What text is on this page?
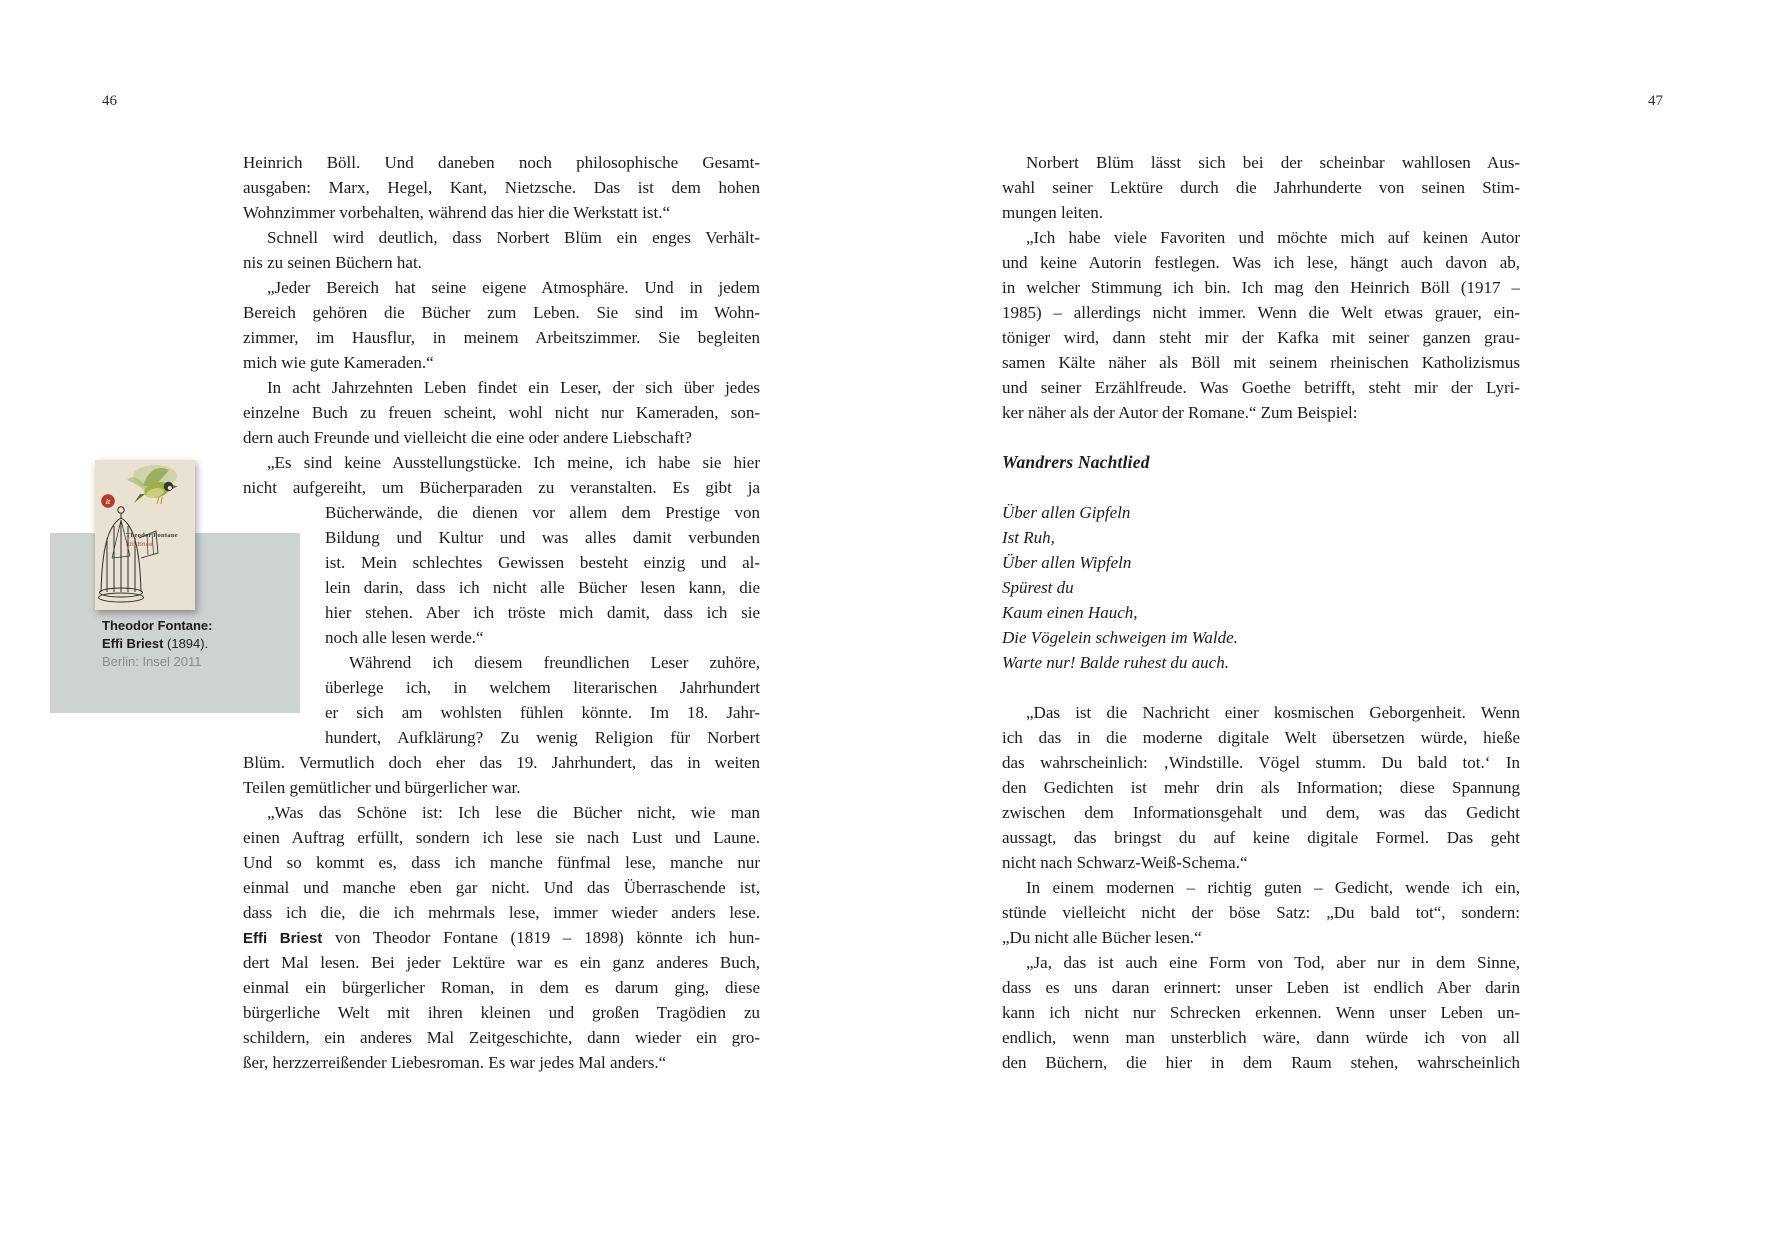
46
Heinrich Böll. Und daneben noch philosophische Gesamt-
ausgaben: Marx, Hegel, Kant, Nietzsche. Das ist dem hohen
Wohnzimmer vorbehalten, während das hier die Werkstatt ist.“
Schnell wird deutlich, dass Norbert Blüm ein enges Verhält-
nis zu seinen Büchern hat.
„Jeder Bereich hat seine eigene Atmosphäre. Und in jedem
Bereich gehören die Bücher zum Leben. Sie sind im Wohn-
zimmer, im Hausflur, in meinem Arbeitszimmer. Sie begleiten
mich wie gute Kameraden.“
In acht Jahrzehnten Leben findet ein Leser, der sich über jedes
einzelne Buch zu freuen scheint, wohl nicht nur Kameraden, son-
dern auch Freunde und vielleicht die eine oder andere Liebschaft?
„Es sind keine Ausstellungstücke. Ich meine, ich habe sie hier
nicht aufgereiht, um Bücherparaden zu veranstalten. Es gibt ja
Bücherwände, die dienen vor allem dem Prestige von
Bildung und Kultur und was alles damit verbunden
ist. Mein schlechtes Gewissen besteht einzig und al-
lein darin, dass ich nicht alle Bücher lesen kann, die
hier stehen. Aber ich tröste mich damit, dass ich sie
noch alle lesen werde.“
Während ich diesem freundlichen Leser zuhöre,
überlege ich, in welchem literarischen Jahrhundert
er sich am wohlsten fühlen könnte. Im 18. Jahr-
hundert, Aufklärung? Zu wenig Religion für Norbert
Blüm. Vermutlich doch eher das 19. Jahrhundert, das in weiten
Teilen gemütlicher und bürgerlicher war.
„Was das Schöne ist: Ich lese die Bücher nicht, wie man
einen Auftrag erfüllt, sondern ich lese sie nach Lust und Laune.
Und so kommt es, dass ich manche fünfmal lese, manche nur
einmal und manche eben gar nicht. Und das Überraschende ist,
dass ich die, die ich mehrmals lese, immer wieder anders lese.
Effi Briest von Theodor Fontane (1819 – 1898) könnte ich hun-
dert Mal lesen. Bei jeder Lektüre war es ein ganz anderes Buch,
einmal ein bürgerlicher Roman, in dem es darum ging, diese
bürgerliche Welt mit ihren kleinen und großen Tragödien zu
schildern, ein anderes Mal Zeitgeschichte, dann wieder ein gro-
ßer, herzzerreißender Liebesroman. Es war jedes Mal anders.“
it
Theodor Fontane
Effi Briest
Theodor Fontane:
Effi Briest (1894).
Berlin: Insel 2011
47
Norbert Blüm lässt sich bei der scheinbar wahllosen Aus-
wahl seiner Lektüre durch die Jahrhunderte von seinen Stim-
mungen leiten.
„Ich habe viele Favoriten und möchte mich auf keinen Autor
und keine Autorin festlegen. Was ich lese, hängt auch davon ab,
in welcher Stimmung ich bin. Ich mag den Heinrich Böll (1917 –
1985) – allerdings nicht immer. Wenn die Welt etwas grauer, ein-
töniger wird, dann steht mir der Kafka mit seiner ganzen grau-
samen Kälte näher als Böll mit seinem rheinischen Katholizismus
und seiner Erzählfreude. Was Goethe betrifft, steht mir der Lyri-
ker näher als der Autor der Romane.“ Zum Beispiel:

Wandrers Nachtlied

Über allen Gipfeln
Ist Ruh,
Über allen Wipfeln
Spürest du
Kaum einen Hauch,
Die Vögelein schweigen im Walde.
Warte nur! Balde ruhest du auch.

„Das ist die Nachricht einer kosmischen Geborgenheit. Wenn
ich das in die moderne digitale Welt übersetzen würde, hieße
das wahrscheinlich: ‚Windstille. Vögel stumm. Du bald tot.‘ In
den Gedichten ist mehr drin als Information; diese Spannung
zwischen dem Informationsgehalt und dem, was das Gedicht
aussagt, das bringst du auf keine digitale Formel. Das geht
nicht nach Schwarz-Weiß-Schema.“
In einem modernen – richtig guten – Gedicht, wende ich ein,
stünde vielleicht nicht der böse Satz: „Du bald tot“, sondern:
„Du nicht alle Bücher lesen.“
„Ja, das ist auch eine Form von Tod, aber nur in dem Sinne,
dass es uns daran erinnert: unser Leben ist endlich Aber darin
kann ich nicht nur Schrecken erkennen. Wenn unser Leben un-
endlich, wenn man unsterblich wäre, dann würde ich von all
den Büchern, die hier in dem Raum stehen, wahrscheinlich
